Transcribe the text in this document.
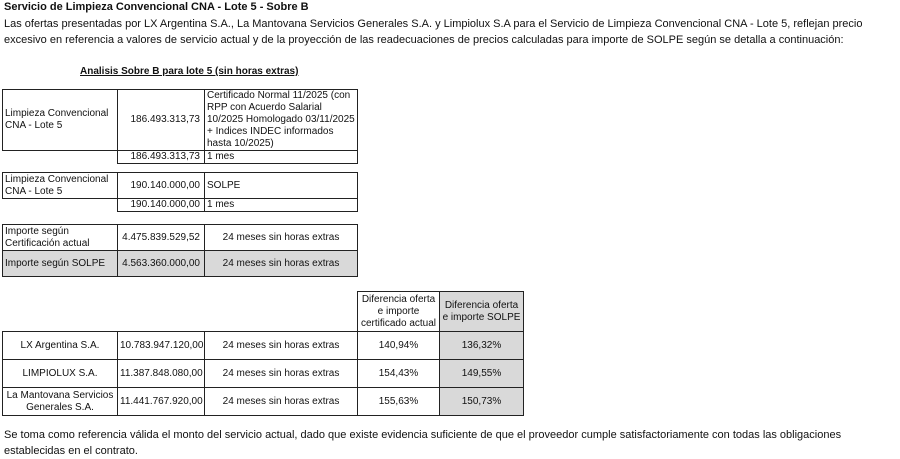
Servicio de Limpieza Convencional CNA - Lote 5 - Sobre B
Las ofertas presentadas por LX Argentina S.A., La Mantovana Servicios Generales S.A. y Limpiolux S.A para el Servicio de Limpieza Convencional CNA - Lote 5, reflejan precio excesivo en referencia a valores de servicio actual y de la proyección de las readecuaciones de precios calculadas para importe de SOLPE según se detalla a continuación:
Analisis Sobre B para lote 5 (sin horas extras)
Limpieza Convencional CNA - Lote 5	186.493.313,73	Certificado Normal 11/2025 (con RPP con Acuerdo Salarial 10/2025 Homologado 03/11/2025 + Indices INDEC informados hasta 10/2025)
	186.493.313,73	1 mes
Limpieza Convencional CNA - Lote 5	190.140.000,00	SOLPE
	190.140.000,00	1 mes
Importe según Certificación actual	4.475.839.529,52	24 meses sin horas extras
Importe según SOLPE	4.563.360.000,00	24 meses sin horas extras
			Diferencia oferta e importe certificado actual	Diferencia oferta e importe SOLPE
LX Argentina S.A.	10.783.947.120,00	24 meses sin horas extras	140,94%	136,32%
LIMPIOLUX S.A.	11.387.848.080,00	24 meses sin horas extras	154,43%	149,55%
La Mantovana Servicios Generales S.A.	11.441.767.920,00	24 meses sin horas extras	155,63%	150,73%
Se toma como referencia válida el monto del servicio actual, dado que existe evidencia suficiente de que el proveedor cumple satisfactoriamente con todas las obligaciones establecidas en el contrato.
